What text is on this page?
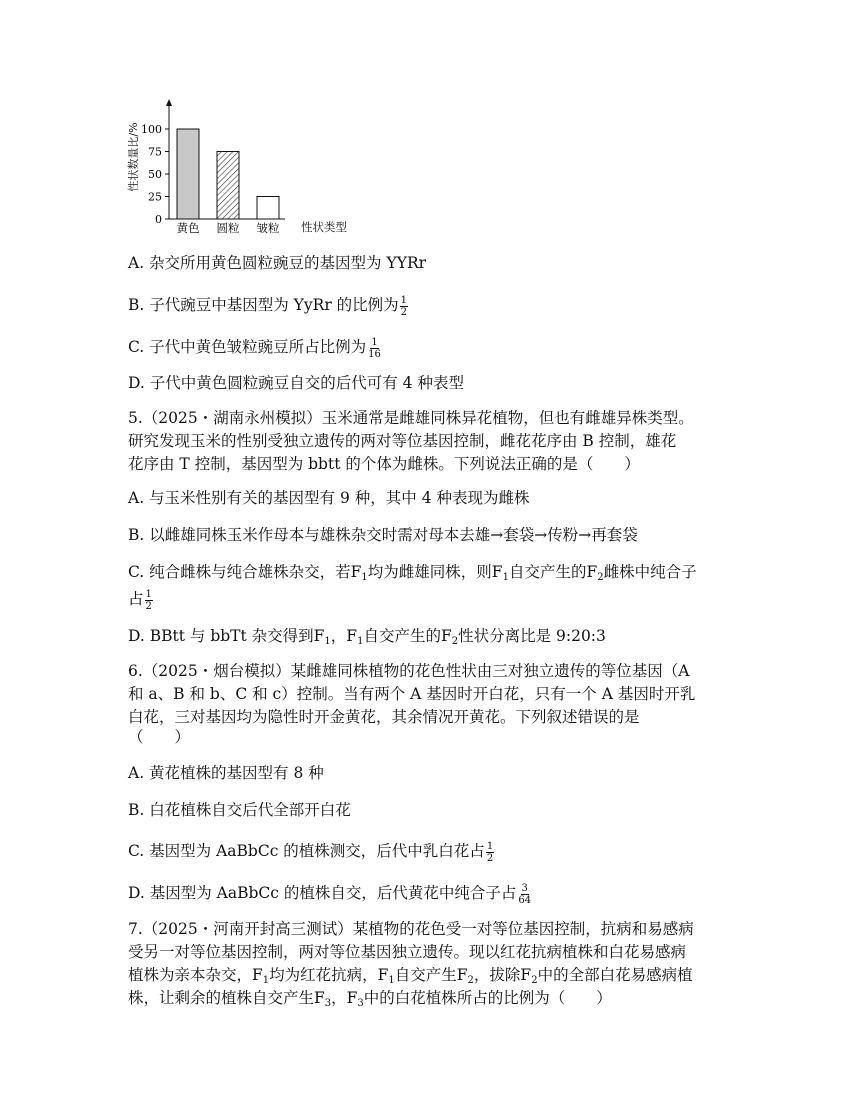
性状数量比/%
0
25
50
75
100
黄色 圆粒 皱粒 性状类型
A. 杂交所用黄色圆粒豌豆的基因型为 YYRr
B. 子代豌豆中基因型为 YyRr 的比例为 $\frac{1}{2}$
C. 子代中黄色皱粒豌豆所占比例为 $\frac{1}{16}$
D. 子代中黄色圆粒豌豆自交的后代可有 4 种表型
5.（2025・湖南永州模拟）玉米通常是雌雄同株异花植物，但也有雌雄异株类型。
研究发现玉米的性别受独立遗传的两对等位基因控制，雌花花序由 B 控制，雄花
花序由 T 控制，基因型为 bbtt 的个体为雌株。下列说法正确的是（　　）
A. 与玉米性别有关的基因型有 9 种，其中 4 种表现为雌株
B. 以雌雄同株玉米作母本与雄株杂交时需对母本去雄→套袋→传粉→再套袋
C. 纯合雌株与纯合雄株杂交，若$F_1$均为雌雄同株，则$F_1$自交产生的$F_2$雌株中纯合子
占 $\frac{1}{2}$
D. BBtt 与 bbTt 杂交得到$F_1$，$F_1$自交产生的$F_2$性状分离比是 9:20:3
6.（2025・烟台模拟）某雌雄同株植物的花色性状由三对独立遗传的等位基因（A
和 a、B 和 b、C 和 c）控制。当有两个 A 基因时开白花，只有一个 A 基因时开乳
白花，三对基因均为隐性时开金黄花，其余情况开黄花。下列叙述错误的是
（　　）
A. 黄花植株的基因型有 8 种
B. 白花植株自交后代全部开白花
C. 基因型为 AaBbCc 的植株测交，后代中乳白花占 $\frac{1}{2}$
D. 基因型为 AaBbCc 的植株自交，后代黄花中纯合子占 $\frac{3}{64}$
7.（2025・河南开封高三测试）某植物的花色受一对等位基因控制，抗病和易感病
受另一对等位基因控制，两对等位基因独立遗传。现以红花抗病植株和白花易感病
植株为亲本杂交，$F_1$均为红花抗病，$F_1$自交产生$F_2$，拔除$F_2$中的全部白花易感病植
株，让剩余的植株自交产生$F_3$，$F_3$中的白花植株所占的比例为（　　）
